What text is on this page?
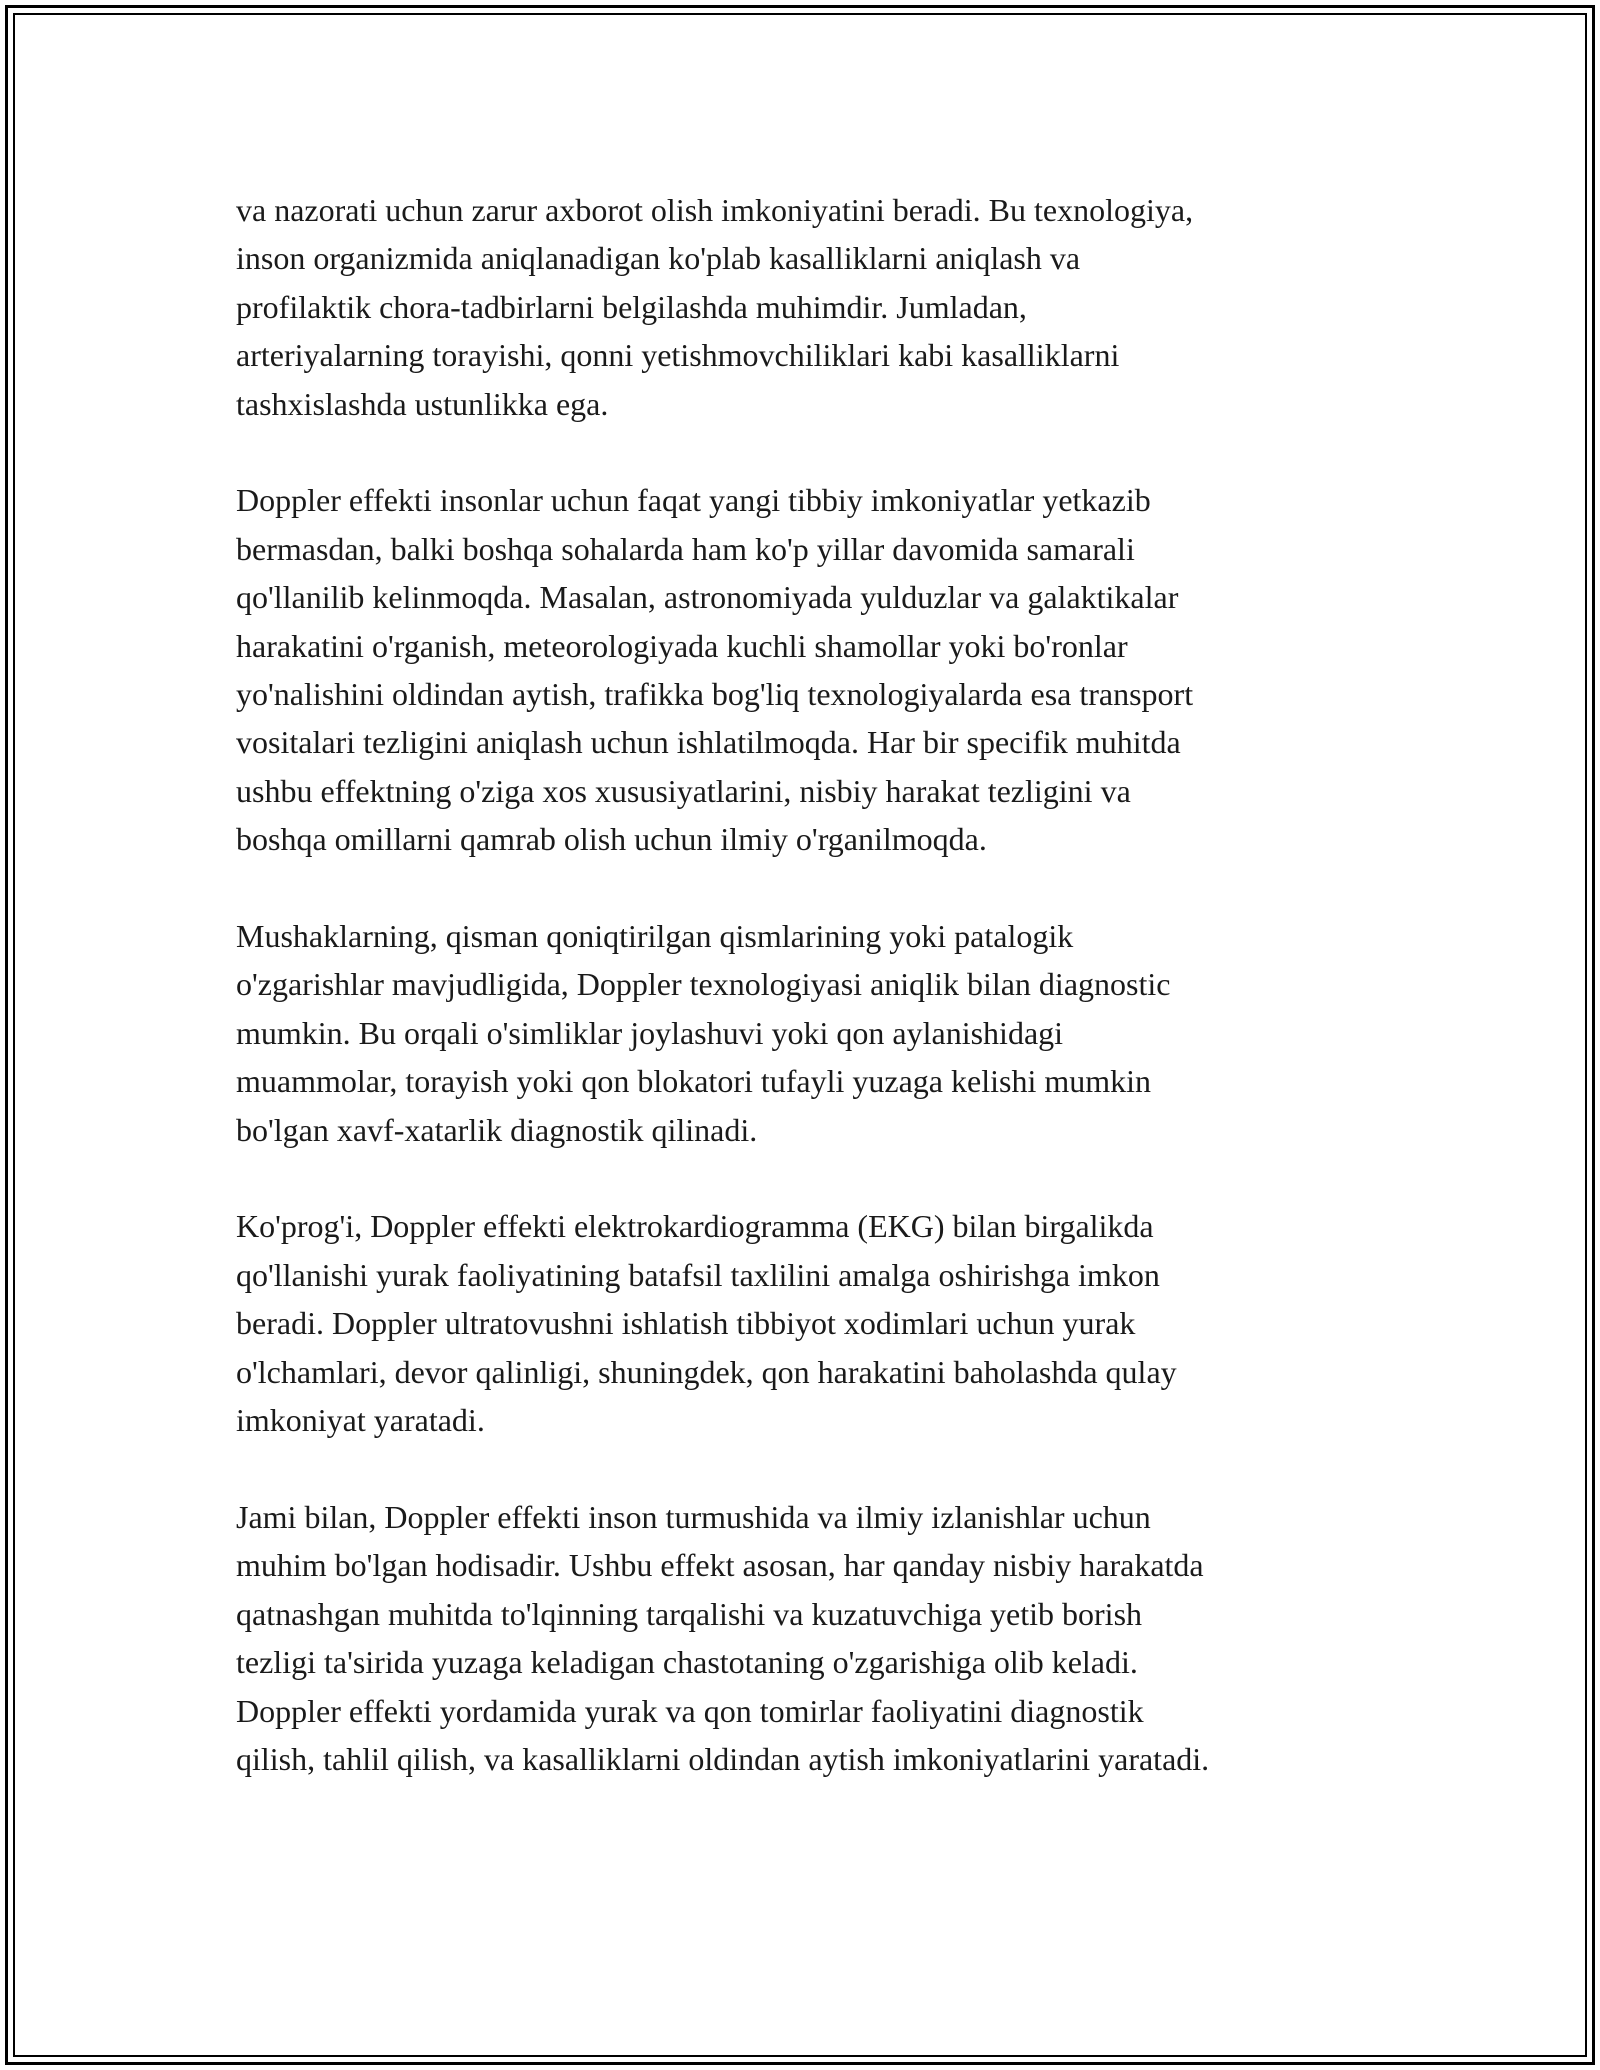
va nazorati uchun zarur axborot olish imkoniyatini beradi. Bu texnologiya,
inson organizmida aniqlanadigan ko'plab kasalliklarni aniqlash va
profilaktik chora-tadbirlarni belgilashda muhimdir. Jumladan,
arteriyalarning torayishi, qonni yetishmovchiliklari kabi kasalliklarni
tashxislashda ustunlikka ega.

Doppler effekti insonlar uchun faqat yangi tibbiy imkoniyatlar yetkazib
bermasdan, balki boshqa sohalarda ham ko'p yillar davomida samarali
qo'llanilib kelinmoqda. Masalan, astronomiyada yulduzlar va galaktikalar
harakatini o'rganish, meteorologiyada kuchli shamollar yoki bo'ronlar
yo'nalishini oldindan aytish, trafikka bog'liq texnologiyalarda esa transport
vositalari tezligini aniqlash uchun ishlatilmoqda. Har bir specifik muhitda
ushbu effektning o'ziga xos xususiyatlarini, nisbiy harakat tezligini va
boshqa omillarni qamrab olish uchun ilmiy o'rganilmoqda.

Mushaklarning, qisman qoniqtirilgan qismlarining yoki patalogik
o'zgarishlar mavjudligida, Doppler texnologiyasi aniqlik bilan diagnostic
mumkin. Bu orqali o'simliklar joylashuvi yoki qon aylanishidagi
muammolar, torayish yoki qon blokatori tufayli yuzaga kelishi mumkin
bo'lgan xavf-xatarlik diagnostik qilinadi.

Ko'prog'i, Doppler effekti elektrokardiogramma (EKG) bilan birgalikda
qo'llanishi yurak faoliyatining batafsil taxlilini amalga oshirishga imkon
beradi. Doppler ultratovushni ishlatish tibbiyot xodimlari uchun yurak
o'lchamlari, devor qalinligi, shuningdek, qon harakatini baholashda qulay
imkoniyat yaratadi.

Jami bilan, Doppler effekti inson turmushida va ilmiy izlanishlar uchun
muhim bo'lgan hodisadir. Ushbu effekt asosan, har qanday nisbiy harakatda
qatnashgan muhitda to'lqinning tarqalishi va kuzatuvchiga yetib borish
tezligi ta'sirida yuzaga keladigan chastotaning o'zgarishiga olib keladi.
Doppler effekti yordamida yurak va qon tomirlar faoliyatini diagnostik
qilish, tahlil qilish, va kasalliklarni oldindan aytish imkoniyatlarini yaratadi.
